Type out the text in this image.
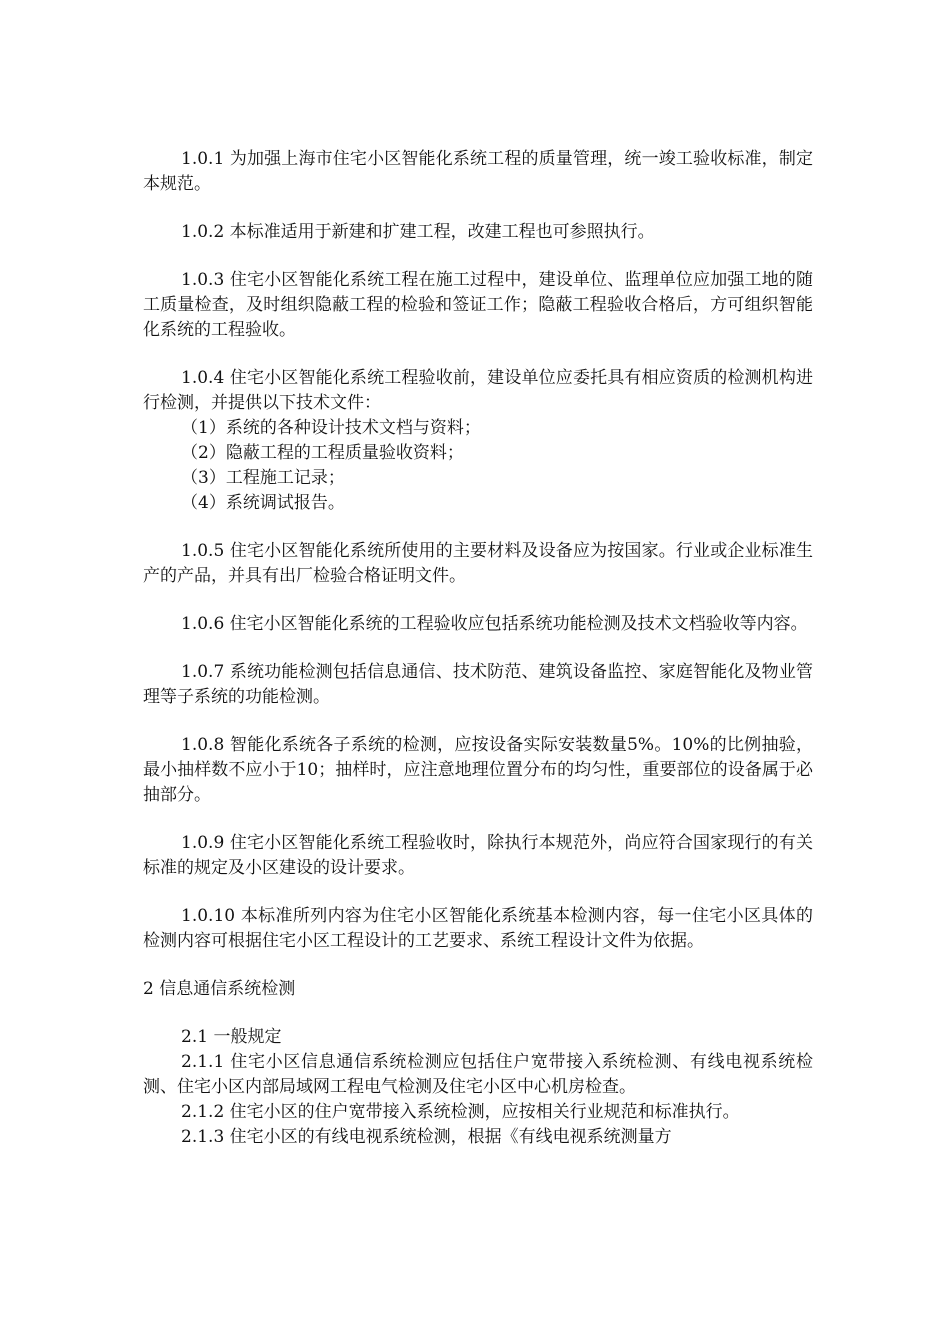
1.0.1 为加强上海市住宅小区智能化系统工程的质量管理，统一竣工验收标准，制定本规范。

1.0.2 本标准适用于新建和扩建工程，改建工程也可参照执行。

1.0.3 住宅小区智能化系统工程在施工过程中，建设单位、监理单位应加强工地的随工质量检查，及时组织隐蔽工程的检验和签证工作；隐蔽工程验收合格后，方可组织智能化系统的工程验收。

1.0.4 住宅小区智能化系统工程验收前，建设单位应委托具有相应资质的检测机构进行检测，并提供以下技术文件：

（1）系统的各种设计技术文档与资料；
（2）隐蔽工程的工程质量验收资料；
（3）工程施工记录；
（4）系统调试报告。

1.0.5 住宅小区智能化系统所使用的主要材料及设备应为按国家。行业或企业标准生产的产品，并具有出厂检验合格证明文件。

1.0.6 住宅小区智能化系统的工程验收应包括系统功能检测及技术文档验收等内容。

1.0.7 系统功能检测包括信息通信、技术防范、建筑设备监控、家庭智能化及物业管理等子系统的功能检测。

1.0.8 智能化系统各子系统的检测，应按设备实际安装数量5%。10%的比例抽验，最小抽样数不应小于10；抽样时，应注意地理位置分布的均匀性，重要部位的设备属于必抽部分。

1.0.9 住宅小区智能化系统工程验收时，除执行本规范外，尚应符合国家现行的有关标准的规定及小区建设的设计要求。

1.0.10 本标准所列内容为住宅小区智能化系统基本检测内容，每一住宅小区具体的检测内容可根据住宅小区工程设计的工艺要求、系统工程设计文件为依据。

2 信息通信系统检测

2.1 一般规定

2.1.1 住宅小区信息通信系统检测应包括住户宽带接入系统检测、有线电视系统检测、住宅小区内部局域网工程电气检测及住宅小区中心机房检查。

2.1.2 住宅小区的住户宽带接入系统检测，应按相关行业规范和标准执行。

2.1.3 住宅小区的有线电视系统检测，根据《有线电视系统测量方
